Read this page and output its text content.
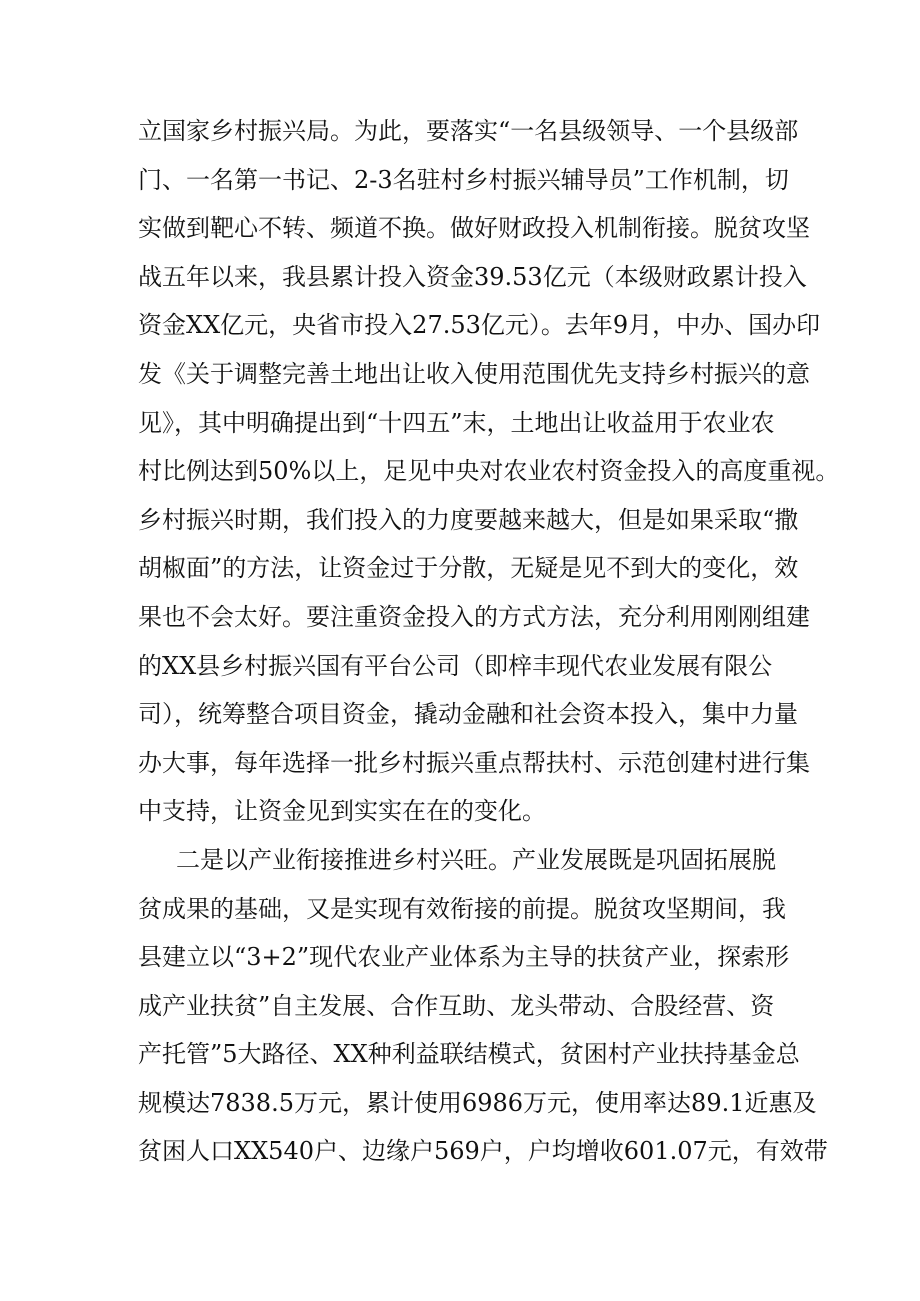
立国家乡村振兴局。为此，要落实“一名县级领导、一个县级部
门、一名第一书记、2-3名驻村乡村振兴辅导员”工作机制，切
实做到靶心不转、频道不换。做好财政投入机制衔接。脱贫攻坚
战五年以来，我县累计投入资金39.53亿元（本级财政累计投入
资金XX亿元，央省市投入27.53亿元）。去年9月，中办、国办印
发《关于调整完善土地出让收入使用范围优先支持乡村振兴的意
见》，其中明确提出到“十四五”末，土地出让收益用于农业农
村比例达到50%以上，足见中央对农业农村资金投入的高度重视。
乡村振兴时期，我们投入的力度要越来越大，但是如果采取“撒
胡椒面”的方法，让资金过于分散，无疑是见不到大的变化，效
果也不会太好。要注重资金投入的方式方法，充分利用刚刚组建
的XX县乡村振兴国有平台公司（即梓丰现代农业发展有限公
司），统筹整合项目资金，撬动金融和社会资本投入，集中力量
办大事，每年选择一批乡村振兴重点帮扶村、示范创建村进行集
中支持，让资金见到实实在在的变化。
二是以产业衔接推进乡村兴旺。产业发展既是巩固拓展脱
贫成果的基础，又是实现有效衔接的前提。脱贫攻坚期间，我
县建立以“3+2”现代农业产业体系为主导的扶贫产业，探索形
成产业扶贫”自主发展、合作互助、龙头带动、合股经营、资
产托管”5大路径、XX种利益联结模式，贫困村产业扶持基金总
规模达7838.5万元，累计使用6986万元，使用率达89.1近惠及
贫困人口XX540户、边缘户569户，户均增收601.07元，有效带
